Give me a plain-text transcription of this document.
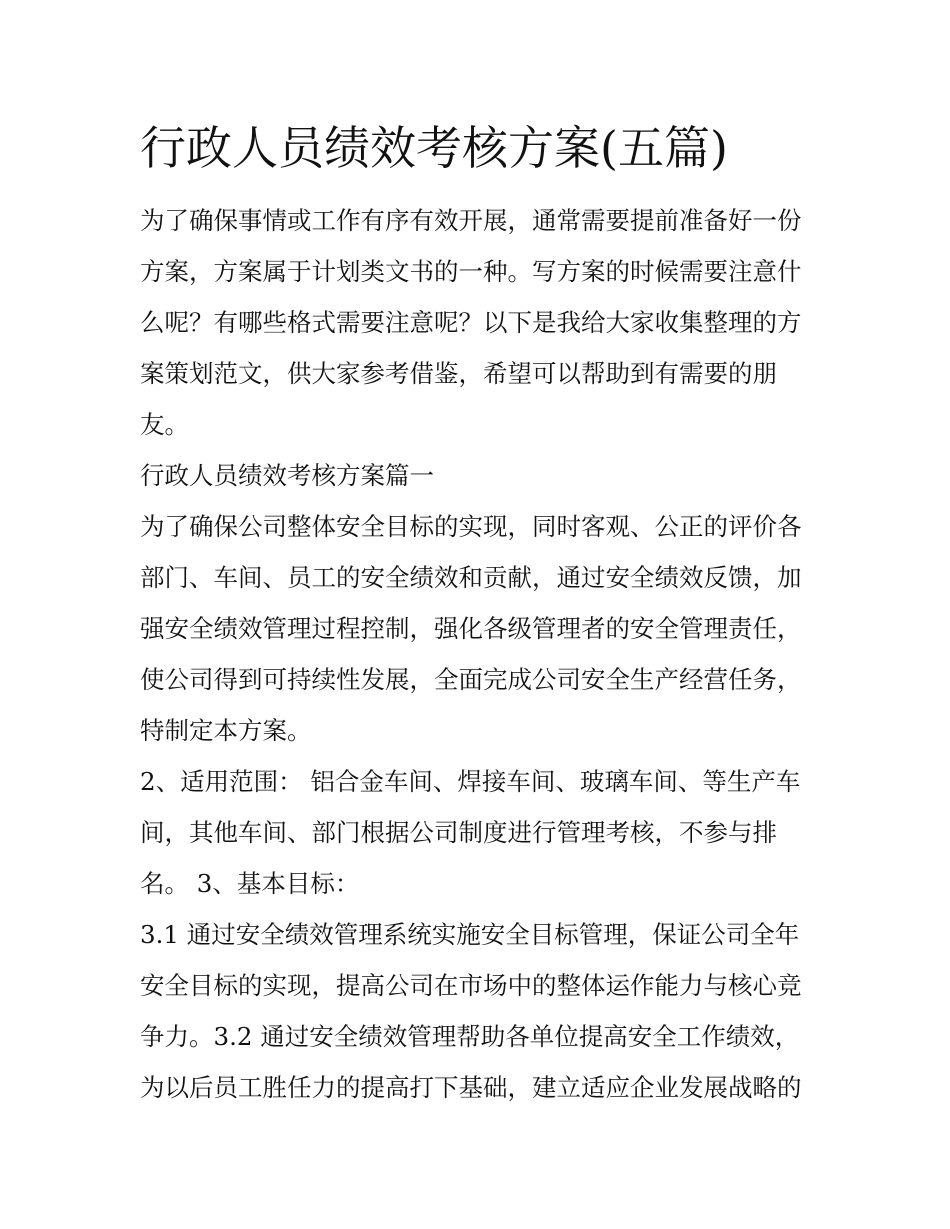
行政人员绩效考核方案(五篇)

为了确保事情或工作有序有效开展，通常需要提前准备好一份

方案，方案属于计划类文书的一种。写方案的时候需要注意什

么呢？有哪些格式需要注意呢？以下是我给大家收集整理的方

案策划范文，供大家参考借鉴，希望可以帮助到有需要的朋

友。

行政人员绩效考核方案篇一

为了确保公司整体安全目标的实现，同时客观、公正的评价各

部门、车间、员工的安全绩效和贡献，通过安全绩效反馈，加

强安全绩效管理过程控制，强化各级管理者的安全管理责任，

使公司得到可持续性发展，全面完成公司安全生产经营任务，

特制定本方案。

2、适用范围： 铝合金车间、焊接车间、玻璃车间、等生产车

间，其他车间、部门根据公司制度进行管理考核，不参与排

名。 3、基本目标：

3.1 通过安全绩效管理系统实施安全目标管理，保证公司全年

安全目标的实现，提高公司在市场中的整体运作能力与核心竞

争力。3.2 通过安全绩效管理帮助各单位提高安全工作绩效，

为以后员工胜任力的提高打下基础，建立适应企业发展战略的
